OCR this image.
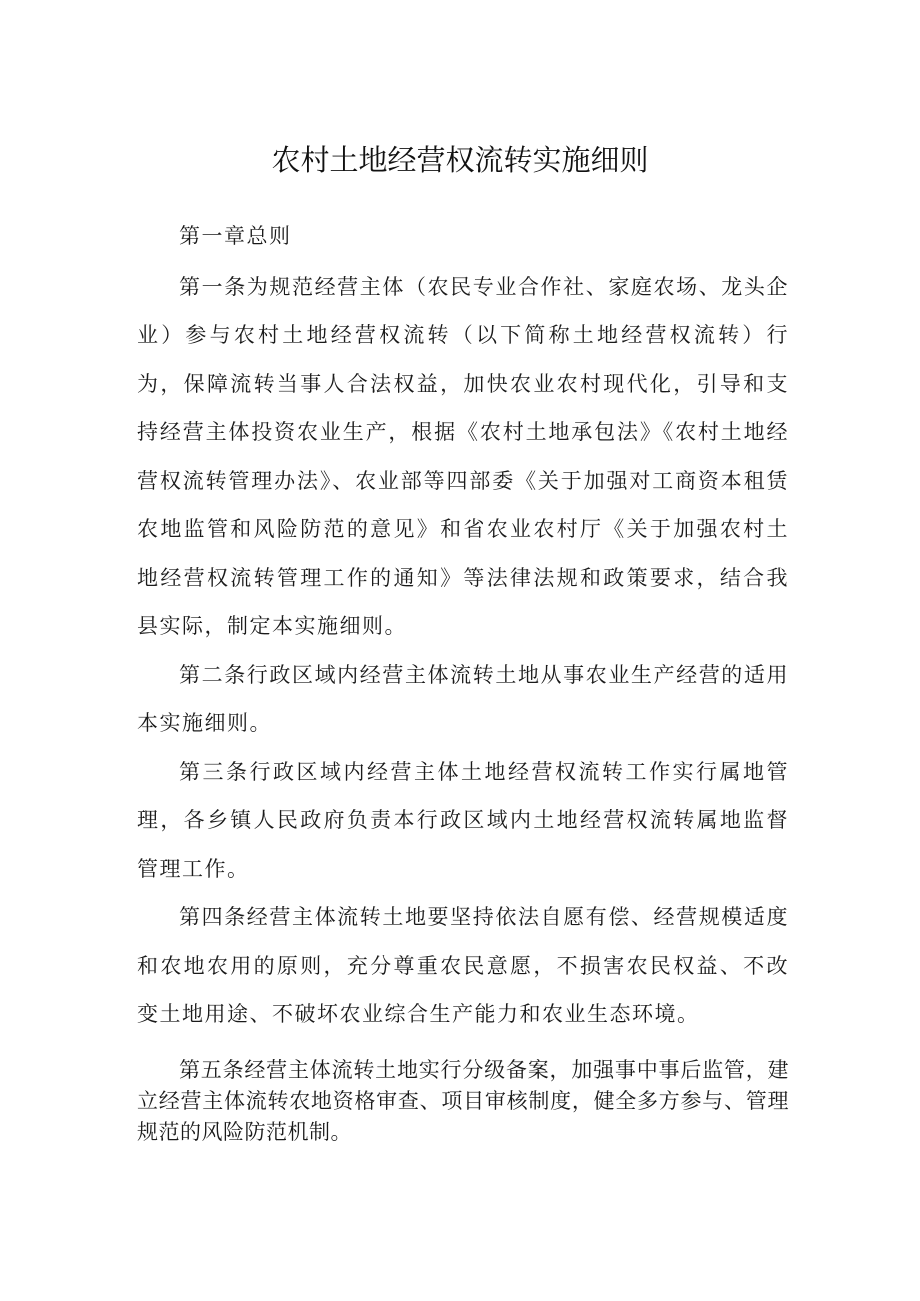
农村土地经营权流转实施细则

第一章总则

第一条为规范经营主体（农民专业合作社、家庭农场、龙头企业）参与农村土地经营权流转（以下简称土地经营权流转）行为，保障流转当事人合法权益，加快农业农村现代化，引导和支持经营主体投资农业生产，根据《农村土地承包法》《农村土地经营权流转管理办法》、农业部等四部委《关于加强对工商资本租赁农地监管和风险防范的意见》和省农业农村厅《关于加强农村土地经营权流转管理工作的通知》等法律法规和政策要求，结合我县实际，制定本实施细则。

第二条行政区域内经营主体流转土地从事农业生产经营的适用本实施细则。

第三条行政区域内经营主体土地经营权流转工作实行属地管理，各乡镇人民政府负责本行政区域内土地经营权流转属地监督管理工作。

第四条经营主体流转土地要坚持依法自愿有偿、经营规模适度和农地农用的原则，充分尊重农民意愿，不损害农民权益、不改变土地用途、不破坏农业综合生产能力和农业生态环境。

第五条经营主体流转土地实行分级备案，加强事中事后监管，建立经营主体流转农地资格审查、项目审核制度，健全多方参与、管理规范的风险防范机制。
